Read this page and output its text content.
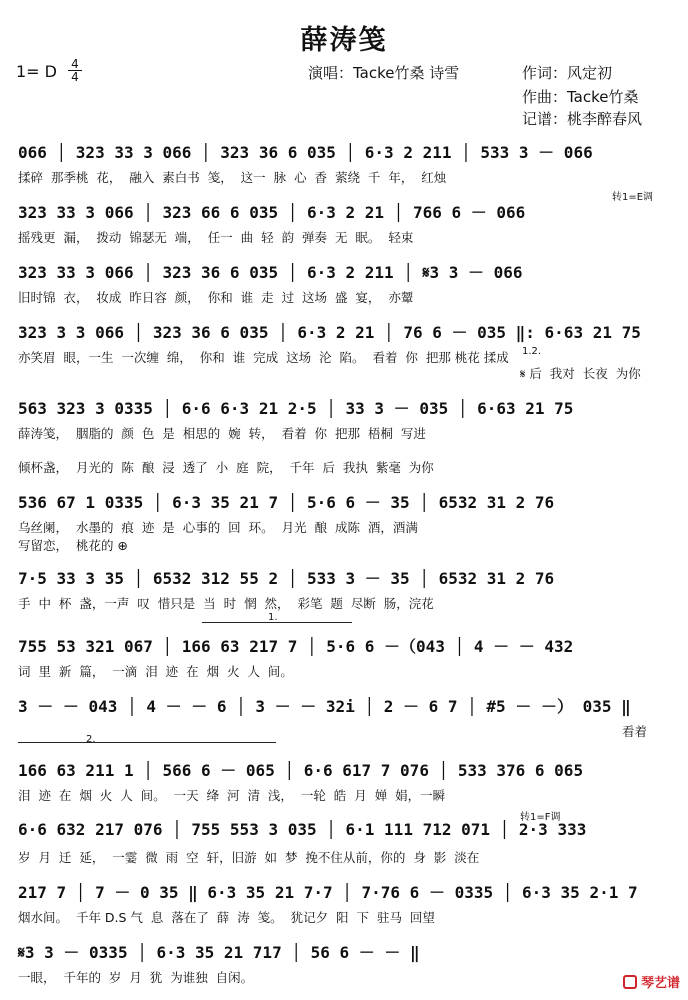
薛涛笺
1= D 4
4	演唱：Tacke竹桑 诗雪	作词：风定初
作曲：Tacke竹桑
记谱：桃李醉春风
066 │ 323 33 3 066 │ 323 36 6 035 │ 6·3 2 211 │ 533 3 － 066
揉碎  那季桃  花，  融入  素白书  笺，  这一  脉  心  香  萦绕  千  年，  红烛
转1=E调
323 33 3 066 │ 323 66 6 035 │ 6·3 2 21 │ 766 6 － 066
摇残更  漏，  拨动  锦瑟无  端，  任一  曲  轻  韵  弹奏  无  眠。  轻束
323 33 3 066 │ 323 36 6 035 │ 6·3 2 211 │ 𝄋3 3 － 066
旧时锦  衣，  妆成  昨日容  颜，  你和  谁  走  过  这场  盛  宴，  亦颦
323 3 3 066 │ 323 36 6 035 │ 6·3 2 21 │ 76 6 － 035 ‖: 6·63 21 75
1.2.
亦笑眉  眼，一生  一次缠  绵，  你和  谁  完成  这场  沦  陷。  看着  你  把那 桃花 揉成
𝄋 后  我对  长夜  为你
563 323 3 0335 │ 6·6 6·3 21 2·5 │ 33 3 － 035 │ 6·63 21 75
薛涛笺，  胭脂的  颜  色  是  相思的  婉  转，  看着  你  把那  梧桐  写进
倾杯盏，  月光的  陈  酿  浸  透了  小  庭  院，  千年  后  我执  紫毫  为你
536 67 1 0335 │ 6·3 35 21 7 │ 5·6 6 － 35 │ 6532 31 2 76
乌丝阑，  水墨的  痕  迹  是  心事的  回  环。  月光  酿  成陈  酒，酒满
写留恋，  桃花的 ⊕
7·5 33 3 35 │ 6532 312 55 2 │ 533 3 － 35 │ 6532 31 2 76
手  中  杯  盏，一声  叹  惜只是  当  时  惘  然，  彩笔  题  尽断  肠，浣花
1.
755 53 321 067 │ 166 63 217 7 │ 5·6 6 －（043 │ 4 － － 432
词  里  新  篇，  一滴  泪  迹  在  烟  火  人  间。
3 － － 043 │ 4 － － 6 │ 3 － － 32i │ 2 － 6 7 │ #5 － －） 035 ‖
看着
2.
166 63 211 1 │ 566 6 － 065 │ 6·6 617 7 076 │ 533 376 6 065
泪  迹  在  烟  火  人  间。  一天  绛  河  清  浅，  一轮  皓  月  婵  娟，一瞬
转1=F调
6·6 632 217 076 │ 755 553 3 035 │ 6·1 111 712 071 │ 2·3 333
岁  月  迁  延，  一霎  微  雨  空  轩，旧游  如  梦  挽不住从前，你的  身  影  淡在
217 7 │ 7 － 0 35 ‖ 6·3 35 21 7·7 │ 7·76 6 － 0335 │ 6·3 35 2·1 7
烟水间。  千年 D.S 气  息  落在了  薛  涛  笺。  犹记夕  阳  下  驻马  回望
𝄋3 3 － 0335 │ 6·3 35 21 717 │ 56 6 － － ‖
一眼，  千年的  岁  月  犹  为谁独  自闲。	琴艺谱
